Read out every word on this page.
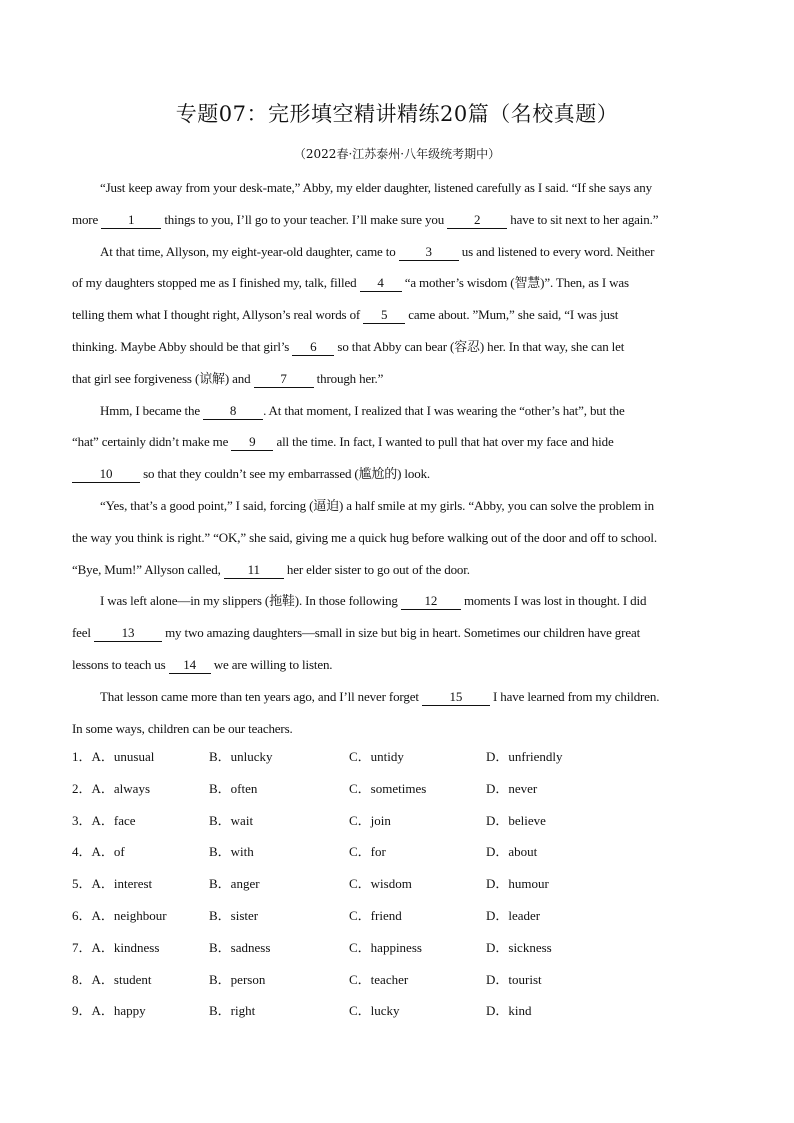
专题07：完形填空精讲精练20篇（名校真题）
（2022春·江苏泰州·八年级统考期中）
“Just keep away from your desk-mate,” Abby, my elder daughter, listened carefully as I said. “If she says any
more 1 things to you, I’ll go to your teacher. I’ll make sure you 2 have to sit next to her again.”
At that time, Allyson, my eight-year-old daughter, came to 3 us and listened to every word. Neither
of my daughters stopped me as I finished my, talk, filled 4 “a mother’s wisdom (智慧)”. Then, as I was
telling them what I thought right, Allyson’s real words of 5 came about. ”Mum,” she said, “I was just
thinking. Maybe Abby should be that girl’s 6 so that Abby can bear (容忍) her. In that way, she can let
that girl see forgiveness (谅解) and 7 through her.”
Hmm, I became the 8 . At that moment, I realized that I was wearing the “other’s hat”, but the
“hat” certainly didn’t make me 9 all the time. In fact, I wanted to pull that hat over my face and hide
10 so that they couldn’t see my embarrassed (尴尬的) look.
“Yes, that’s a good point,” I said, forcing (逼迫) a half smile at my girls. “Abby, you can solve the problem in
the way you think is right.” “OK,” she said, giving me a quick hug before walking out of the door and off to school.
“Bye, Mum!” Allyson called, 11 her elder sister to go out of the door.
I was left alone—in my slippers (拖鞋). In those following 12 moments I was lost in thought. I did
feel 13 my two amazing daughters—small in size but big in heart. Sometimes our children have great
lessons to teach us 14 we are willing to listen.
That lesson came more than ten years ago, and I’ll never forget 15 I have learned from my children.
In some ways, children can be our teachers.
1．A．unusual	B．unlucky	C．untidy	D．unfriendly
2．A．always	B．often	C．sometimes	D．never
3．A．face	B．wait	C．join	D．believe
4．A．of	B．with	C．for	D．about
5．A．interest	B．anger	C．wisdom	D．humour
6．A．neighbour	B．sister	C．friend	D．leader
7．A．kindness	B．sadness	C．happiness	D．sickness
8．A．student	B．person	C．teacher	D．tourist
9．A．happy	B．right	C．lucky	D．kind
